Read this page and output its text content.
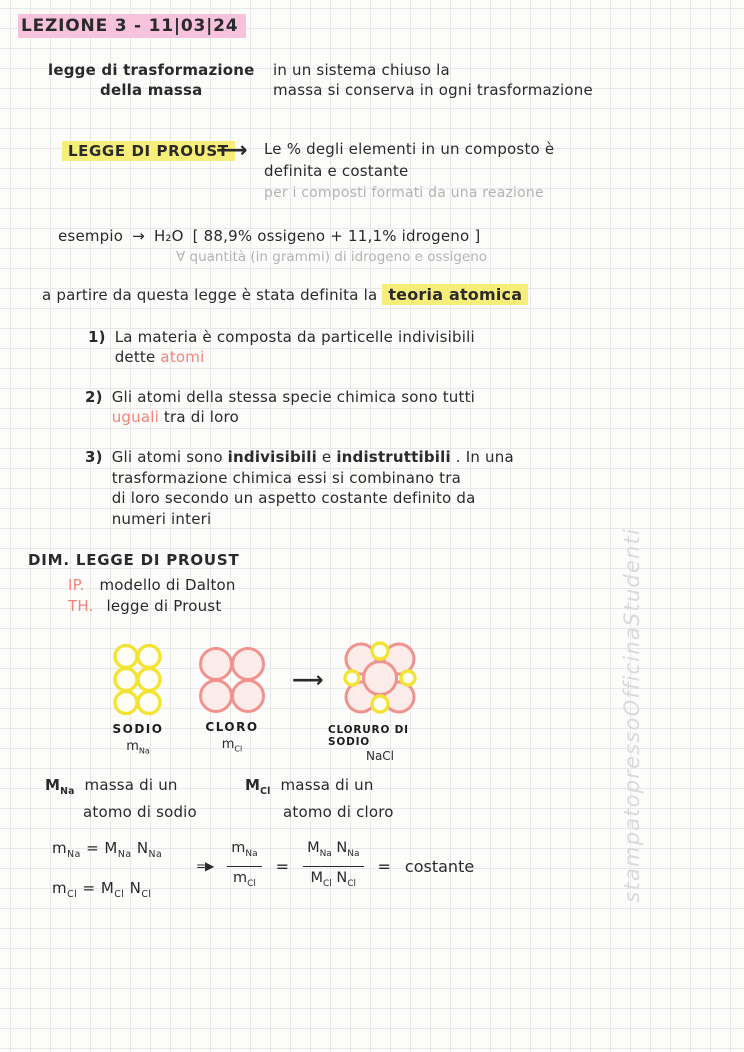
LEZIONE 3 - 11|03|24
legge di trasformazione
della massa
in un sistema chiuso la
massa si conserva in ogni trasformazione
LEGGE DI PROUST
⟶ Le % degli elementi in un composto è
definita e costante
per i composti formati da una reazione
esempio → H₂O [ 88,9% ossigeno + 11,1% idrogeno ]
∀ quantità (in grammi) di idrogeno e ossigeno
a partire da questa legge è stata definita la teoria atomica
1) La materia è composta da particelle indivisibili
dette atomi
2) Gli atomi della stessa specie chimica sono tutti
uguali tra di loro
3) Gli atomi sono indivisibili e indistruttibili . In una
trasformazione chimica essi si combinano tra
di loro secondo un aspetto costante definito da
numeri interi
DIM. LEGGE DI PROUST
IP. modello di Dalton
TH. legge di Proust
SODIO
$m_{Na}$
CLORO
$m_{Cl}$
⟶
CLORURO DI SODIO
NaCl
$M_{Na}$ massa di un
atomo di sodio
$M_{Cl}$ massa di un
atomo di cloro
$m_{Na} = M_{Na}$ $N_{Na}$
$m_{Cl} = M_{Cl}$ $N_{Cl}$
=▶ $\frac{m_{Na}}{m_{Cl}} = \frac{M_{Na} N_{Na}}{M_{Cl} N_{Cl}}$ = costante	stampatopressoOfficinaStudenti
